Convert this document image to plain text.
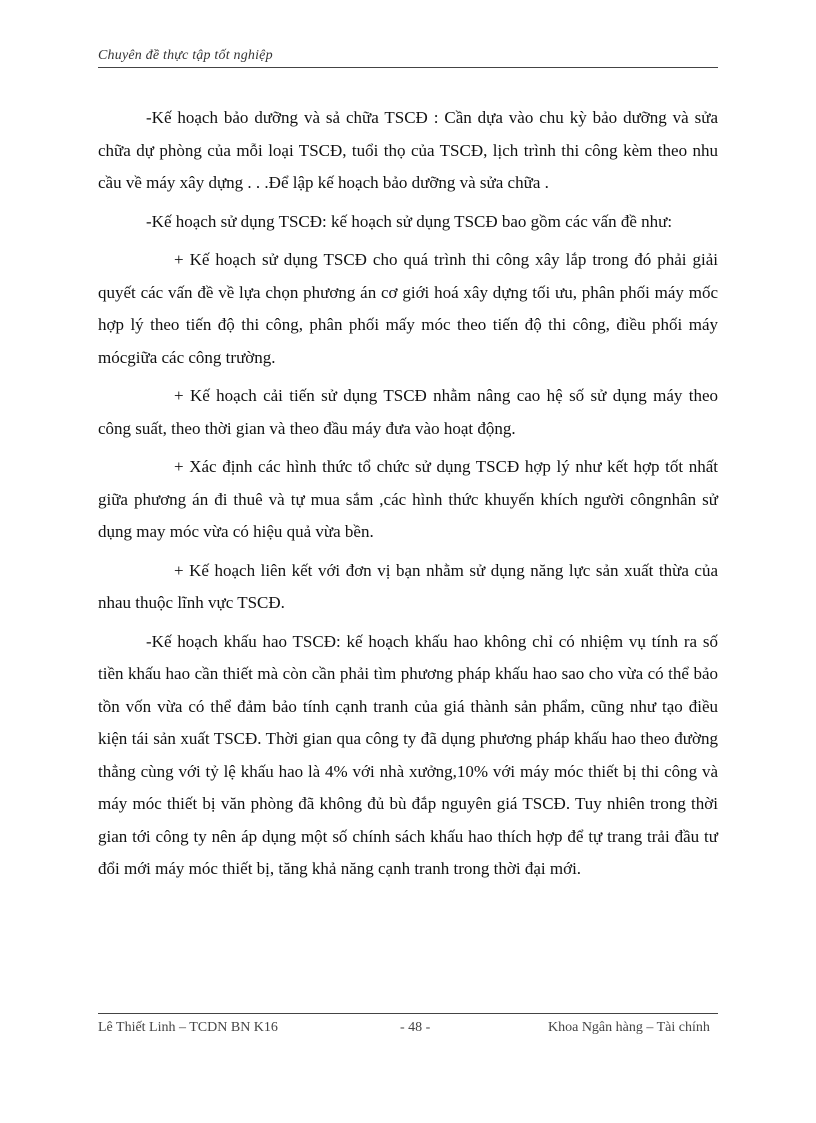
Chuyên đề thực tập tốt nghiệp

-Kế hoạch bảo dưỡng và sả chữa TSCĐ : Cần dựa vào chu kỳ bảo dưỡng và sửa chữa dự phòng của mỗi loại TSCĐ, tuổi thọ của TSCĐ, lịch trình thi công kèm theo nhu cầu về máy xây dựng . . .Để lập kế hoạch bảo dưỡng và sửa chữa .

-Kế hoạch sử dụng TSCĐ: kế hoạch sử dụng TSCĐ bao gồm các vấn đề như:

+ Kế hoạch sử dụng TSCĐ cho quá trình thi công xây lắp trong đó phải giải quyết các vấn đề về lựa chọn phương án cơ giới hoá xây dựng tối ưu, phân phối máy mốc hợp lý theo tiến độ thi công, phân phối mấy móc theo tiến độ thi công, điều phối máy mócgiữa các công trường.

+ Kế hoạch cải tiến sử dụng TSCĐ nhằm nâng cao hệ số sử dụng máy theo công suất, theo thời gian và theo đầu máy đưa vào hoạt động.

+ Xác định các hình thức tổ chức sử dụng TSCĐ hợp lý như kết hợp tốt nhất giữa phương án đi thuê và tự mua sắm ,các hình thức khuyến khích người côngnhân sử dụng may móc vừa có hiệu quả vừa bền.

+ Kế hoạch liên kết với đơn vị bạn nhằm sử dụng năng lực sản xuất thừa của nhau thuộc lĩnh vực TSCĐ.

-Kế hoạch khấu hao TSCĐ: kế hoạch khấu hao không chỉ có nhiệm vụ tính ra số tiền khấu hao cần thiết mà còn cần phải tìm phương pháp khấu hao sao cho vừa có thể bảo tồn vốn vừa có thể đảm bảo tính cạnh tranh của giá thành sản phẩm, cũng như tạo điều kiện tái sản xuất TSCĐ. Thời gian qua công ty đã dụng phương pháp khấu hao theo đường thẳng cùng với tỷ lệ khấu hao là 4% với nhà xưởng,10% với máy móc thiết bị thi công và máy móc thiết bị văn phòng đã không đủ bù đắp nguyên giá TSCĐ. Tuy nhiên trong thời gian tới công ty nên áp dụng một số chính sách khấu hao thích hợp để tự trang trải đầu tư đổi mới máy móc thiết bị, tăng khả năng cạnh tranh trong thời đại mới.

Lê Thiết Linh – TCDN BN K16	- 48 -	Khoa Ngân hàng – Tài chính
